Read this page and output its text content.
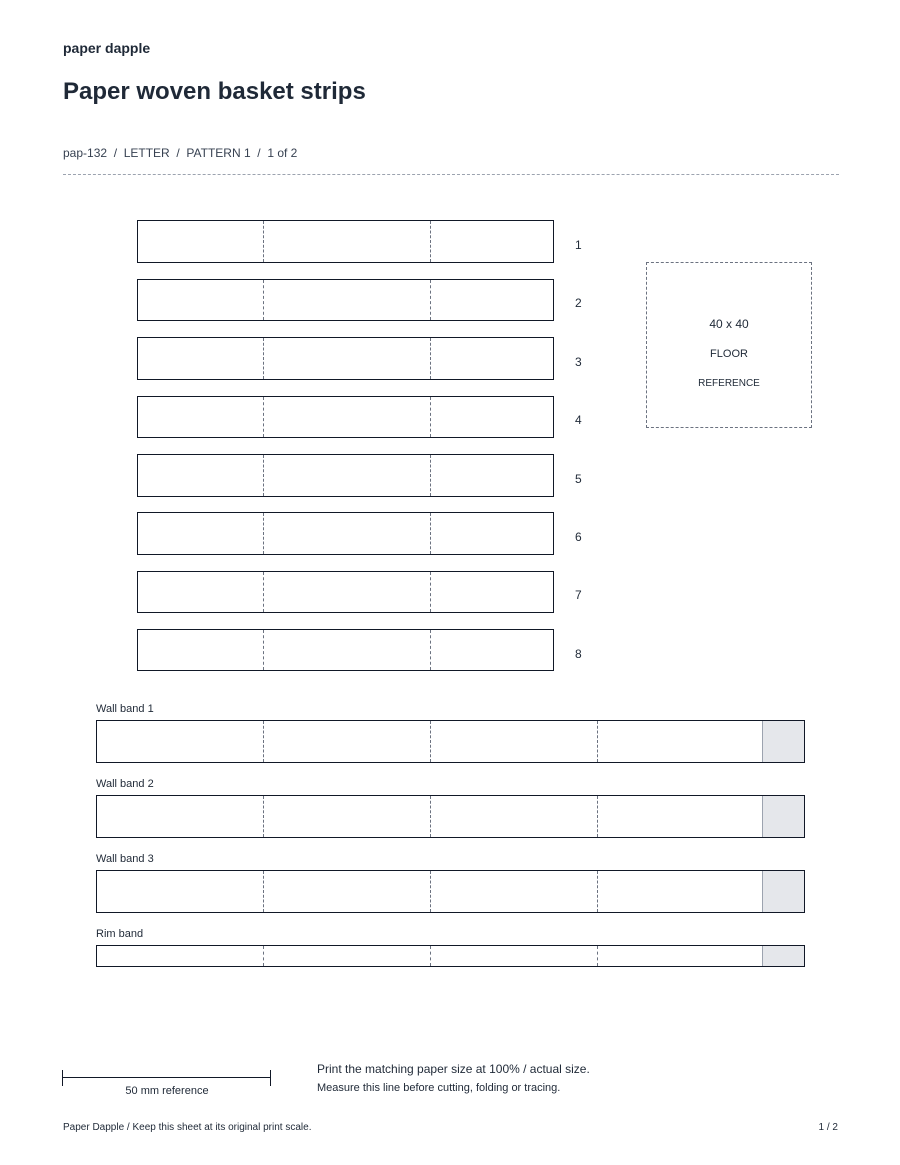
paper dapple
Paper woven basket strips
pap-132  /  LETTER  /  PATTERN 1  /  1 of 2
1
2
3
4
5
6
7
8
40 x 40
FLOOR
REFERENCE
Wall band 1
Wall band 2
Wall band 3
Rim band
50 mm reference
Print the matching paper size at 100% / actual size.
Measure this line before cutting, folding or tracing.
Paper Dapple / Keep this sheet at its original print scale.	1 / 2
